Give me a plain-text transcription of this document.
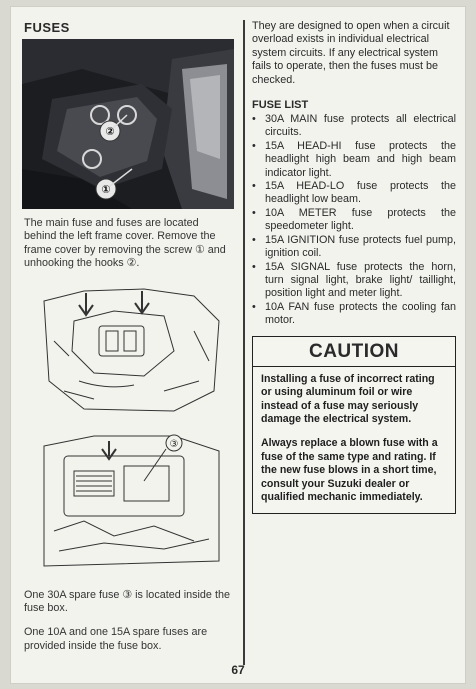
FUSES
②
①

The main fuse and fuses are located behind the left frame cover. Remove the frame cover by removing the screw ① and unhooking the hooks ②.

③

One 30A spare fuse ③ is located inside the fuse box.

One 10A and one 15A spare fuses are provided inside the fuse box.

They are designed to open when a circuit overload exists in individual electrical system circuits. If any electrical system fails to operate, then the fuses must be checked.

FUSE LIST
• 30A MAIN fuse protects all electrical circuits.
• 15A HEAD-HI fuse protects the headlight high beam and high beam indicator light.
• 15A HEAD-LO fuse protects the headlight low beam.
• 10A METER fuse protects the speedometer light.
• 15A IGNITION fuse protects fuel pump, ignition coil.
• 15A SIGNAL fuse protects the horn, turn signal light, brake light/ taillight, position light and meter light.
• 10A FAN fuse protects the cooling fan motor.
CAUTION

Installing a fuse of incorrect rating or using aluminum foil or wire instead of a fuse may seriously damage the electrical system.

Always replace a blown fuse with a fuse of the same type and rating. If the new fuse blows in a short time, consult your Suzuki dealer or qualified mechanic immediately.

67
